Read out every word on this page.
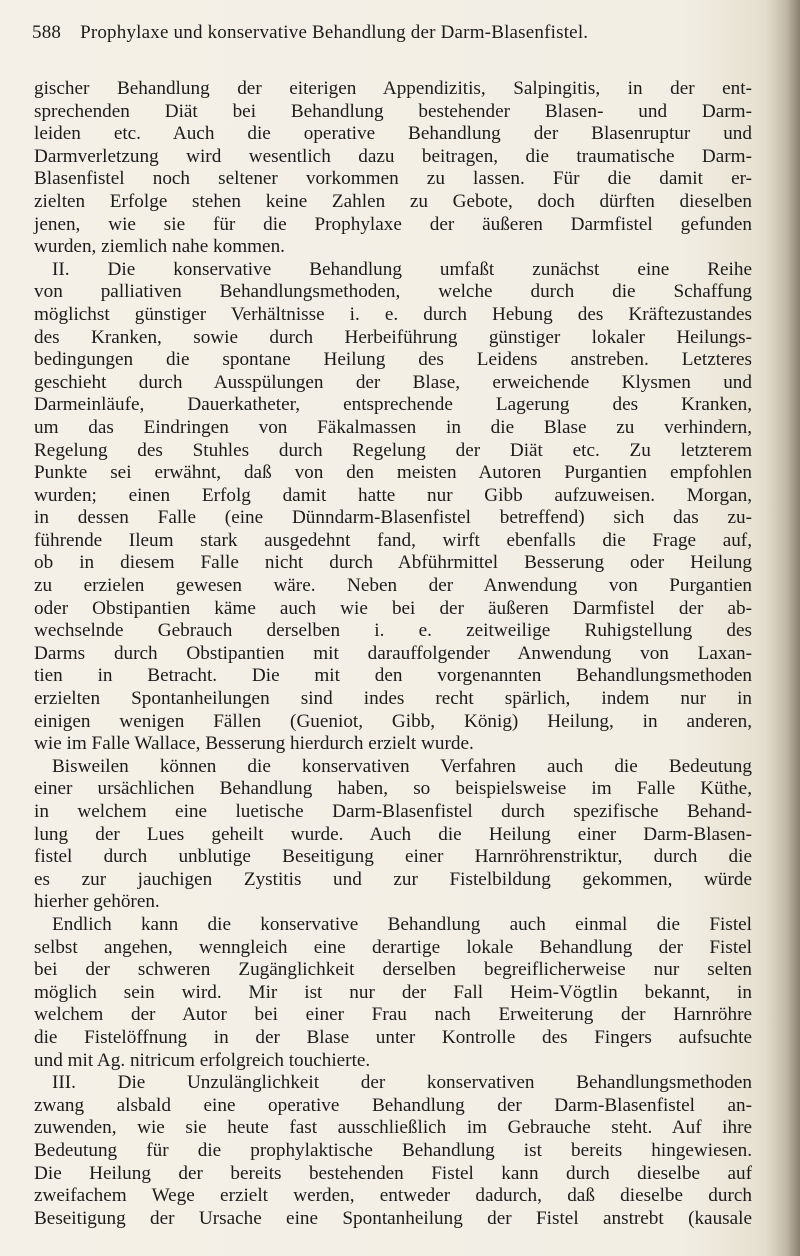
588 Prophylaxe und konservative Behandlung der Darm-Blasenfistel.
gischer Behandlung der eiterigen Appendizitis, Salpingitis, in der ent-
sprechenden Diät bei Behandlung bestehender Blasen- und Darm-
leiden etc. Auch die operative Behandlung der Blasenruptur und
Darmverletzung wird wesentlich dazu beitragen, die traumatische Darm-
Blasenfistel noch seltener vorkommen zu lassen. Für die damit er-
zielten Erfolge stehen keine Zahlen zu Gebote, doch dürften dieselben
jenen, wie sie für die Prophylaxe der äußeren Darmfistel gefunden
wurden, ziemlich nahe kommen.
II. Die konservative Behandlung umfaßt zunächst eine Reihe
von palliativen Behandlungsmethoden, welche durch die Schaffung
möglichst günstiger Verhältnisse i. e. durch Hebung des Kräftezustandes
des Kranken, sowie durch Herbeiführung günstiger lokaler Heilungs-
bedingungen die spontane Heilung des Leidens anstreben. Letzteres
geschieht durch Ausspülungen der Blase, erweichende Klysmen und
Darmeinläufe, Dauerkatheter, entsprechende Lagerung des Kranken,
um das Eindringen von Fäkalmassen in die Blase zu verhindern,
Regelung des Stuhles durch Regelung der Diät etc. Zu letzterem
Punkte sei erwähnt, daß von den meisten Autoren Purgantien empfohlen
wurden; einen Erfolg damit hatte nur Gibb aufzuweisen. Morgan,
in dessen Falle (eine Dünndarm-Blasenfistel betreffend) sich das zu-
führende Ileum stark ausgedehnt fand, wirft ebenfalls die Frage auf,
ob in diesem Falle nicht durch Abführmittel Besserung oder Heilung
zu erzielen gewesen wäre. Neben der Anwendung von Purgantien
oder Obstipantien käme auch wie bei der äußeren Darmfistel der ab-
wechselnde Gebrauch derselben i. e. zeitweilige Ruhigstellung des
Darms durch Obstipantien mit darauffolgender Anwendung von Laxan-
tien in Betracht. Die mit den vorgenannten Behandlungsmethoden
erzielten Spontanheilungen sind indes recht spärlich, indem nur in
einigen wenigen Fällen (Gueniot, Gibb, König) Heilung, in anderen,
wie im Falle Wallace, Besserung hierdurch erzielt wurde.
Bisweilen können die konservativen Verfahren auch die Bedeutung
einer ursächlichen Behandlung haben, so beispielsweise im Falle Küthe,
in welchem eine luetische Darm-Blasenfistel durch spezifische Behand-
lung der Lues geheilt wurde. Auch die Heilung einer Darm-Blasen-
fistel durch unblutige Beseitigung einer Harnröhrenstriktur, durch die
es zur jauchigen Zystitis und zur Fistelbildung gekommen, würde
hierher gehören.
Endlich kann die konservative Behandlung auch einmal die Fistel
selbst angehen, wenngleich eine derartige lokale Behandlung der Fistel
bei der schweren Zugänglichkeit derselben begreiflicherweise nur selten
möglich sein wird. Mir ist nur der Fall Heim-Vögtlin bekannt, in
welchem der Autor bei einer Frau nach Erweiterung der Harnröhre
die Fistelöffnung in der Blase unter Kontrolle des Fingers aufsuchte
und mit Ag. nitricum erfolgreich touchierte.
III. Die Unzulänglichkeit der konservativen Behandlungsmethoden
zwang alsbald eine operative Behandlung der Darm-Blasenfistel an-
zuwenden, wie sie heute fast ausschließlich im Gebrauche steht. Auf ihre
Bedeutung für die prophylaktische Behandlung ist bereits hingewiesen.
Die Heilung der bereits bestehenden Fistel kann durch dieselbe auf
zweifachem Wege erzielt werden, entweder dadurch, daß dieselbe durch
Beseitigung der Ursache eine Spontanheilung der Fistel anstrebt (kausale
